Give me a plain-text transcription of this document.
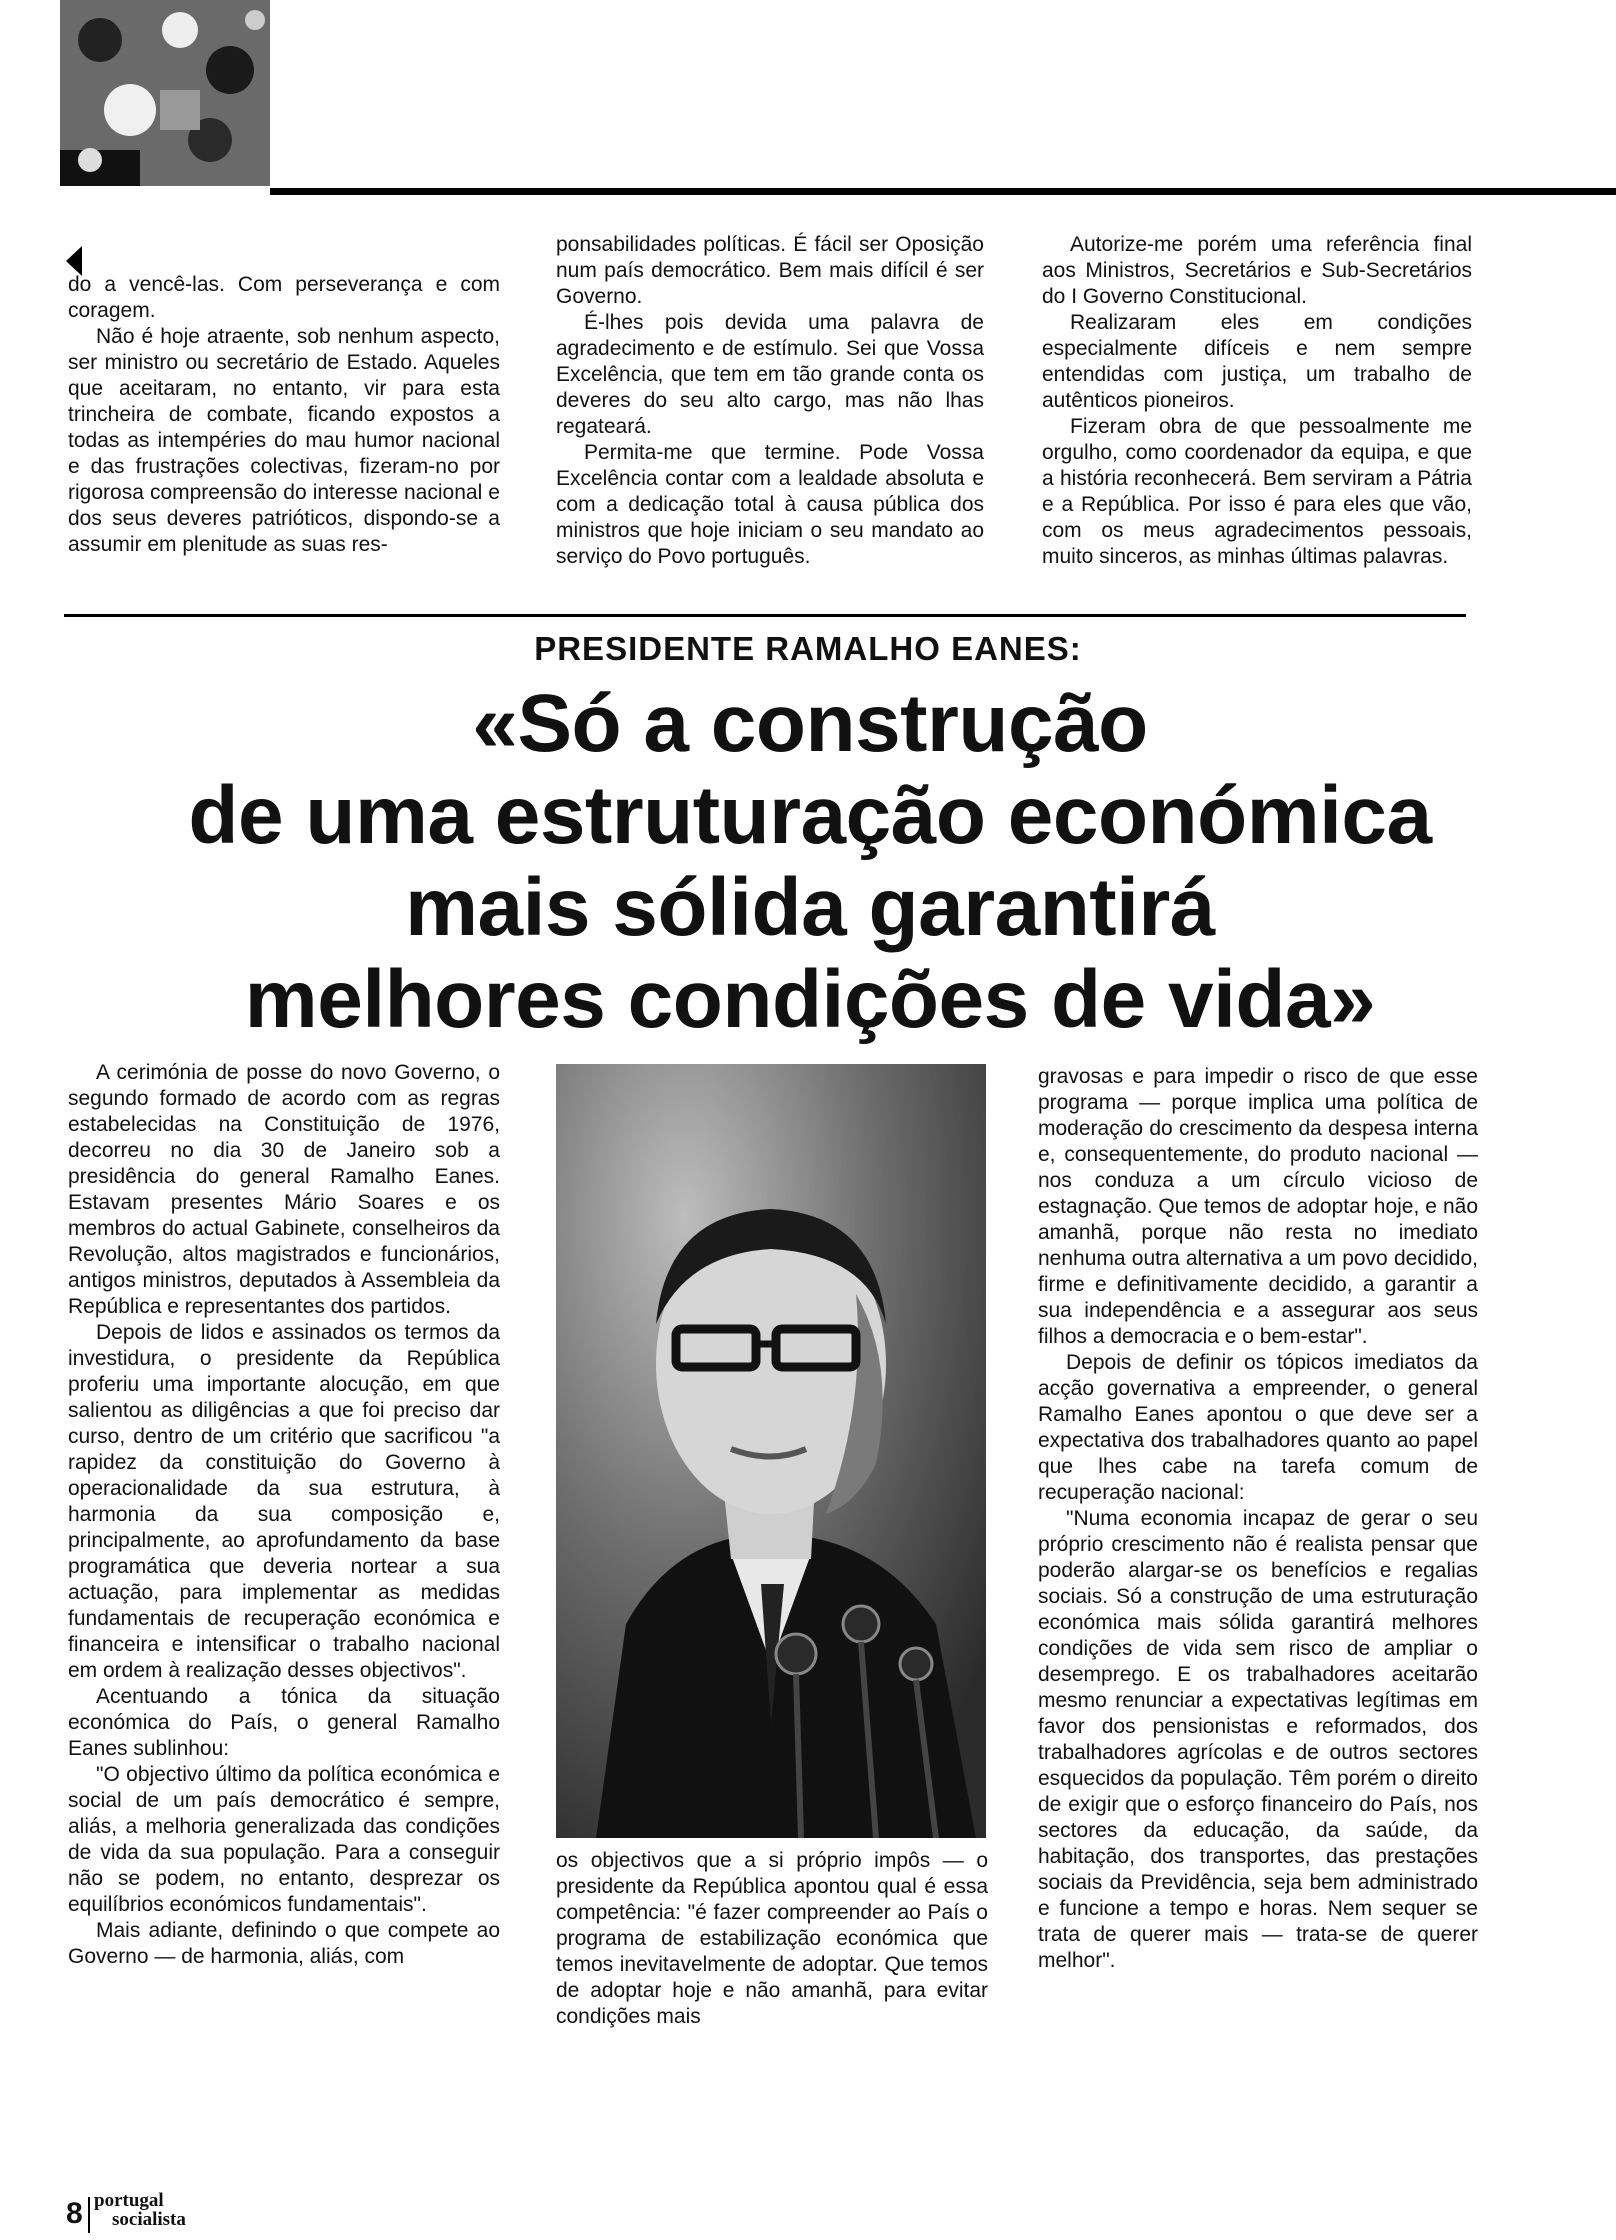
do a vencê-las. Com perseverança e com coragem.

Não é hoje atraente, sob nenhum aspecto, ser ministro ou secretário de Estado. Aqueles que aceitaram, no entanto, vir para esta trincheira de combate, ficando expostos a todas as intempéries do mau humor nacional e das frustrações colectivas, fizeram-no por rigorosa compreensão do interesse nacional e dos seus deveres patrióticos, dispondo-se a assumir em plenitude as suas res-

ponsabilidades políticas. É fácil ser Oposição num país democrático. Bem mais difícil é ser Governo.

É-lhes pois devida uma palavra de agradecimento e de estímulo. Sei que Vossa Excelência, que tem em tão grande conta os deveres do seu alto cargo, mas não lhas regateará.

Permita-me que termine. Pode Vossa Excelência contar com a lealdade absoluta e com a dedicação total à causa pública dos ministros que hoje iniciam o seu mandato ao serviço do Povo português.

Autorize-me porém uma referência final aos Ministros, Secretários e Sub-Secretários do I Governo Constitucional.

Realizaram eles em condições especialmente difíceis e nem sempre entendidas com justiça, um trabalho de autênticos pioneiros.

Fizeram obra de que pessoalmente me orgulho, como coordenador da equipa, e que a história reconhecerá. Bem serviram a Pátria e a República. Por isso é para eles que vão, com os meus agradecimentos pessoais, muito sinceros, as minhas últimas palavras.

PRESIDENTE RAMALHO EANES:
«Só a construção
de uma estruturação económica
mais sólida garantirá
melhores condições de vida»

A cerimónia de posse do novo Governo, o segundo formado de acordo com as regras estabelecidas na Constituição de 1976, decorreu no dia 30 de Janeiro sob a presidência do general Ramalho Eanes. Estavam presentes Mário Soares e os membros do actual Gabinete, conselheiros da Revolução, altos magistrados e funcionários, antigos ministros, deputados à Assembleia da República e representantes dos partidos.

Depois de lidos e assinados os termos da investidura, o presidente da República proferiu uma importante alocução, em que salientou as diligências a que foi preciso dar curso, dentro de um critério que sacrificou "a rapidez da constituição do Governo à operacionalidade da sua estrutura, à harmonia da sua composição e, principalmente, ao aprofundamento da base programática que deveria nortear a sua actuação, para implementar as medidas fundamentais de recuperação económica e financeira e intensificar o trabalho nacional em ordem à realização desses objectivos".

Acentuando a tónica da situação económica do País, o general Ramalho Eanes sublinhou:

"O objectivo último da política económica e social de um país democrático é sempre, aliás, a melhoria generalizada das condições de vida da sua população. Para a conseguir não se podem, no entanto, desprezar os equilíbrios económicos fundamentais".

Mais adiante, definindo o que compete ao Governo — de harmonia, aliás, com

os objectivos que a si próprio impôs — o presidente da República apontou qual é essa competência: "é fazer compreender ao País o programa de estabilização económica que temos inevitavelmente de adoptar. Que temos de adoptar hoje e não amanhã, para evitar condições mais

gravosas e para impedir o risco de que esse programa — porque implica uma política de moderação do crescimento da despesa interna e, consequentemente, do produto nacional — nos conduza a um círculo vicioso de estagnação. Que temos de adoptar hoje, e não amanhã, porque não resta no imediato nenhuma outra alternativa a um povo decidido, firme e definitivamente decidido, a garantir a sua independência e a assegurar aos seus filhos a democracia e o bem-estar".

Depois de definir os tópicos imediatos da acção governativa a empreender, o general Ramalho Eanes apontou o que deve ser a expectativa dos trabalhadores quanto ao papel que lhes cabe na tarefa comum de recuperação nacional:

"Numa economia incapaz de gerar o seu próprio crescimento não é realista pensar que poderão alargar-se os benefícios e regalias sociais. Só a construção de uma estruturação económica mais sólida garantirá melhores condições de vida sem risco de ampliar o desemprego. E os trabalhadores aceitarão mesmo renunciar a expectativas legítimas em favor dos pensionistas e reformados, dos trabalhadores agrícolas e de outros sectores esquecidos da população. Têm porém o direito de exigir que o esforço financeiro do País, nos sectores da educação, da saúde, da habitação, dos transportes, das prestações sociais da Previdência, seja bem administrado e funcione a tempo e horas. Nem sequer se trata de querer mais — trata-se de querer melhor".

8 portugal
socialista
